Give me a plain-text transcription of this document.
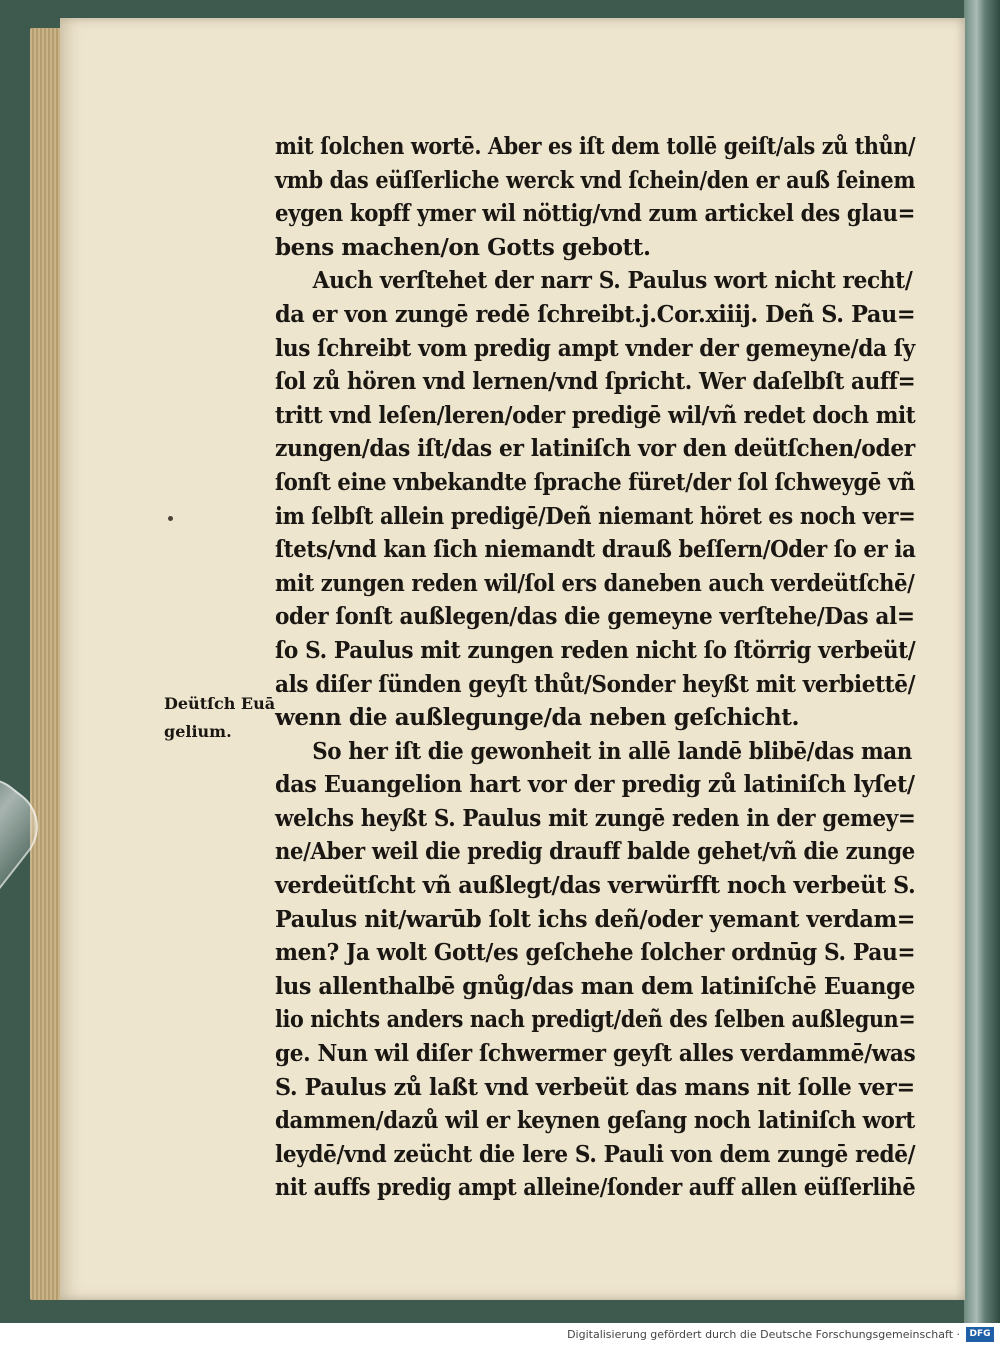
Deütſch Euā
gelium.
mit ſolchen wortē. Aber es iſt dem tollē geiſt/als zů thůn/
vmb das eüſſerliche werck vnd ſchein/den er auß ſeinem
eygen kopff ymer wil nöttig/vnd zum artickel des glau=
bens machen/on Gotts gebott.
Auch verſtehet der narr S. Paulus wort nicht recht/
da er von zungē redē ſchreibt.j.Cor.xiiij. Deñ S. Pau=
lus ſchreibt vom predig ampt vnder der gemeyne/da ſy
ſol zů hören vnd lernen/vnd ſpricht. Wer daſelbſt auff=
tritt vnd leſen/leren/oder predigē wil/vñ redet doch mit
zungen/das iſt/das er latiniſch vor den deütſchen/oder
ſonſt eine vnbekandte ſprache füret/der ſol ſchweygē vñ
im ſelbſt allein predigē/Deñ niemant höret es noch ver=
ſtets/vnd kan ſich niemandt drauß beſſern/Oder ſo er ia
mit zungen reden wil/ſol ers daneben auch verdeütſchē/
oder ſonſt außlegen/das die gemeyne verſtehe/Das al=
ſo S. Paulus mit zungen reden nicht ſo ſtörrig verbeüt/
als diſer ſünden geyſt thůt/Sonder heyßt mit verbiettē/
wenn die außlegunge/da neben geſchicht.
So her iſt die gewonheit in allē landē blibē/das man
das Euangelion hart vor der predig zů latiniſch lyſet/
welchs heyßt S. Paulus mit zungē reden in der gemey=
ne/Aber weil die predig drauff balde gehet/vñ die zunge
verdeütſcht vñ außlegt/das verwürfft noch verbeüt S.
Paulus nit/warūb ſolt ichs deñ/oder yemant verdam=
men? Ja wolt Gott/es geſchehe ſolcher ordnūg S. Pau=
lus allenthalbē gnůg/das man dem latiniſchē Euange
lio nichts anders nach predigt/deñ des ſelben außlegun=
ge. Nun wil diſer ſchwermer geyſt alles verdammē/was
S. Paulus zů laßt vnd verbeüt das mans nit ſolle ver=
dammen/dazů wil er keynen geſang noch latiniſch wort
leydē/vnd zeücht die lere S. Pauli von dem zungē redē/
nit auffs predig ampt alleine/ſonder auff allen eüſſerlihē
Digitalisierung gefördert durch die Deutsche Forschungsgemeinschaft ·	DFG
